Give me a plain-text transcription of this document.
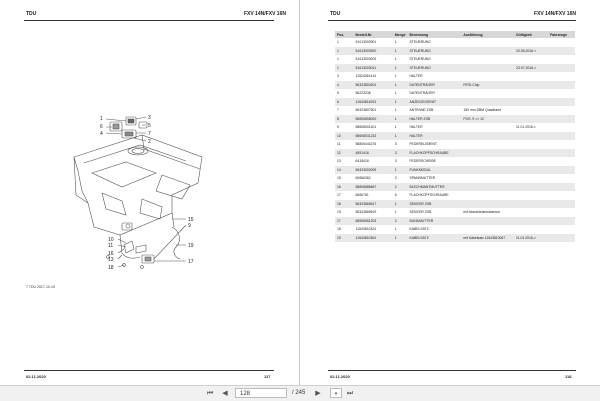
TDU	FXV 14N/FXV 16N
1
6
4
3
5
7
2
15
19
10
11
16
13
18
9
17
7 TDU 2017-10-19
02.11.2020	117
TDU	FXV 14N/FXV 16N
02.11.2020	118
Pos.	Bestell-Nr.	Menge	Benennung	Ausführung	Gültigkeit	Fahrzeuge
1	51013003901	1	STEUERUNG			
1	51613003920	1	STEUERUNG		20.05.2016->	
1	51613003003	1	STEUERUNG			
1	51613003011	1	STEUERUNG		23.07.2016->	
3	11524361414	1	HALTER			
4	56323804201	1	DATENTRÄGER	RFID-Chip		
5	56223236	1	DATENTRÄGER			
6	11543814003	1	ANZEIGEGERÄT			
7	56323807501	1	ANTENNE ZSB	150 mm DBM Quadband		
8	56806808020	1	HALTER ZSB	POS. 9 => 12		
9	58608001401	1	HALTER		11.01.2016->	
10	58608031232	1	HALTER			
11	58806444276	3	FEDERELEMENT			
12	4691416	3	FLACHKOPFSCHRAUBE			
13	6419416	3	FEDERSCHEIBE			
14	56323002009	1	FUNKMODUL			
15	60866362	2	SPANNMUTTER			
16	58806886667	2	BLECHMANTMUTTER			
17	6666781	6	FLACHKOPFSCHRAUBE			
18	56323865617	1	SENSOR ZSB			
19	56323865619	1	SENSOR ZSB	mit Absoluteisendsensor		
17	68506551203	2	BUNDMUTTER			
18	11543810324	1	KABELSATZ			
19	11543810364	1	KABELSATZ	mit Kabelsatz 11543810067	11.01.2016->	
⏮	◀	128	/ 245	▶	▾	⏭
